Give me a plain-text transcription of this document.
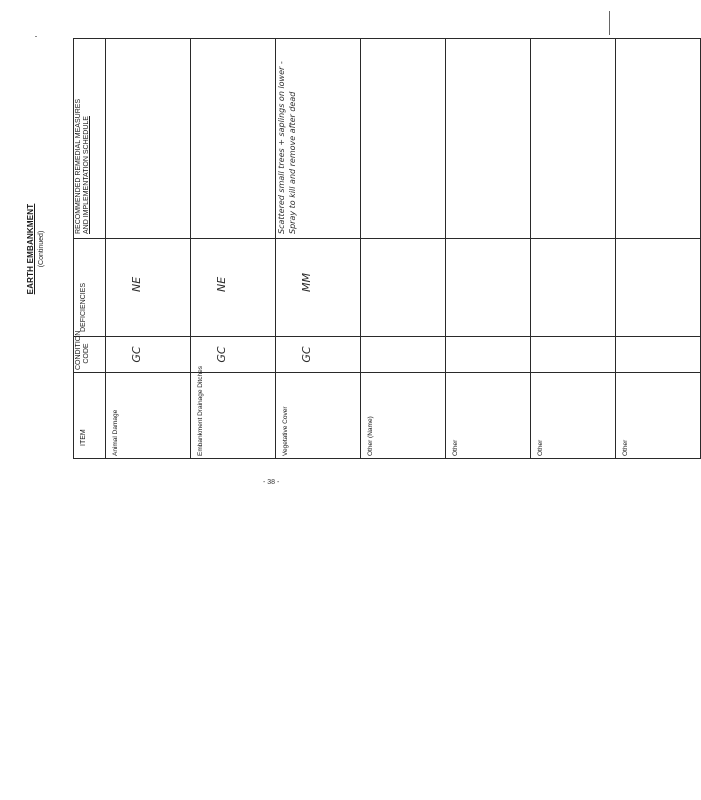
EARTH EMBANKMENT (Continued)
ITEM	CONDITION CODE	DEFICIENCIES	RECOMMENDED REMEDIAL MEASURES AND IMPLEMENTATION SCHEDULE

Animal Damage	GC	NE	

Embankment Drainage Ditches	GC	NE	

Vegetative Cover	GC	MM	Scattered small trees + saplings on lower - Spray to kill and remove after dead

Other (Name)			

Other			

Other			

Other			

- 38 -
